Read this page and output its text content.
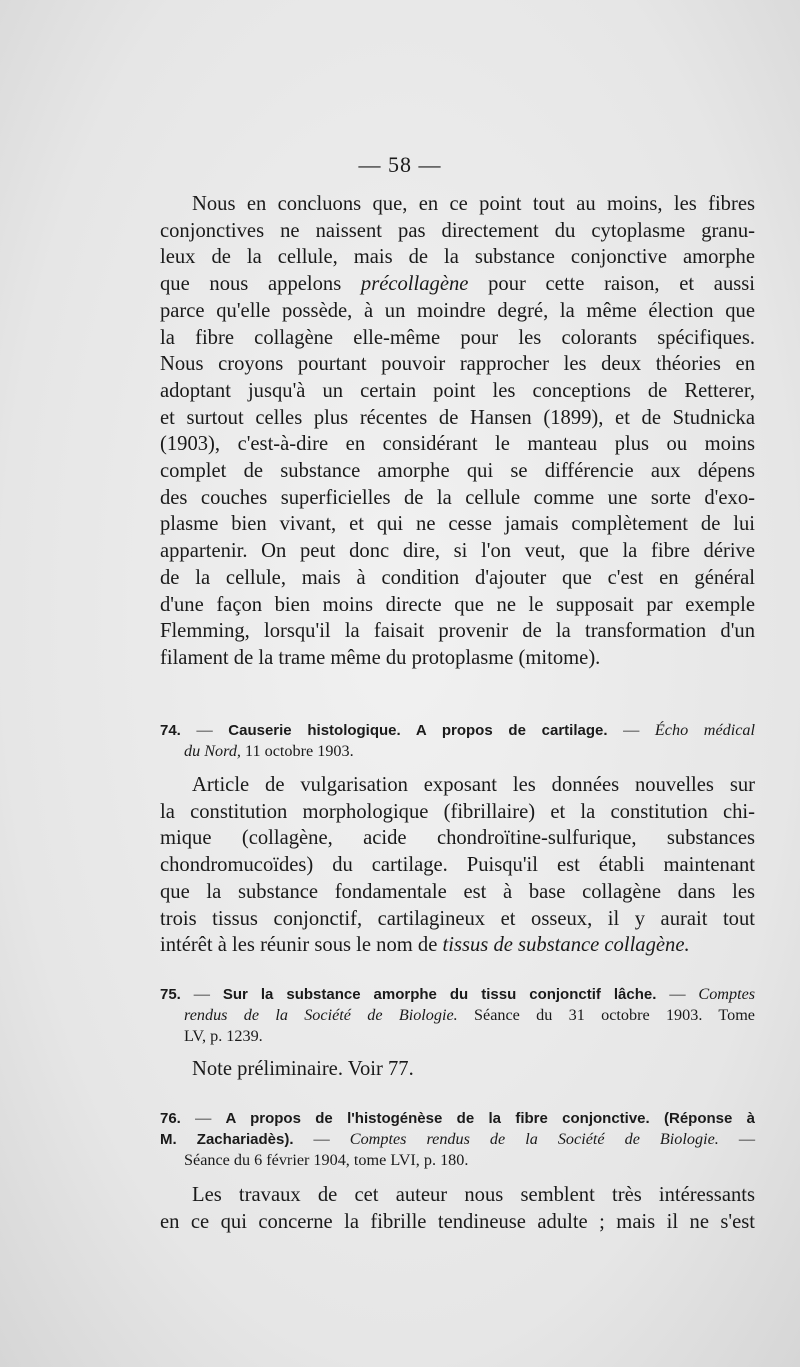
— 58 —
Nous en concluons que, en ce point tout au moins, les fibres
conjonctives ne naissent pas directement du cytoplasme granu-
leux de la cellule, mais de la substance conjonctive amorphe
que nous appelons précollagène pour cette raison, et aussi
parce qu'elle possède, à un moindre degré, la même élection que
la fibre collagène elle-même pour les colorants spécifiques.
Nous croyons pourtant pouvoir rapprocher les deux théories en
adoptant jusqu'à un certain point les conceptions de Retterer,
et surtout celles plus récentes de Hansen (1899), et de Studnicka
(1903), c'est-à-dire en considérant le manteau plus ou moins
complet de substance amorphe qui se différencie aux dépens
des couches superficielles de la cellule comme une sorte d'exo-
plasme bien vivant, et qui ne cesse jamais complètement de lui
appartenir. On peut donc dire, si l'on veut, que la fibre dérive
de la cellule, mais à condition d'ajouter que c'est en général
d'une façon bien moins directe que ne le supposait par exemple
Flemming, lorsqu'il la faisait provenir de la transformation d'un
filament de la trame même du protoplasme (mitome).
74. — Causerie histologique. A propos de cartilage. — Écho médical
du Nord, 11 octobre 1903.
Article de vulgarisation exposant les données nouvelles sur
la constitution morphologique (fibrillaire) et la constitution chi-
mique (collagène, acide chondroïtine-sulfurique, substances
chondromucoïdes) du cartilage. Puisqu'il est établi maintenant
que la substance fondamentale est à base collagène dans les
trois tissus conjonctif, cartilagineux et osseux, il y aurait tout
intérêt à les réunir sous le nom de tissus de substance collagène.
75. — Sur la substance amorphe du tissu conjonctif lâche. — Comptes
rendus de la Société de Biologie. Séance du 31 octobre 1903. Tome
LV, p. 1239.
Note préliminaire. Voir 77.
76. — A propos de l'histogénèse de la fibre conjonctive. (Réponse à
M. Zachariadès). — Comptes rendus de la Société de Biologie. —
Séance du 6 février 1904, tome LVI, p. 180.
Les travaux de cet auteur nous semblent très intéressants
en ce qui concerne la fibrille tendineuse adulte ; mais il ne s'est
